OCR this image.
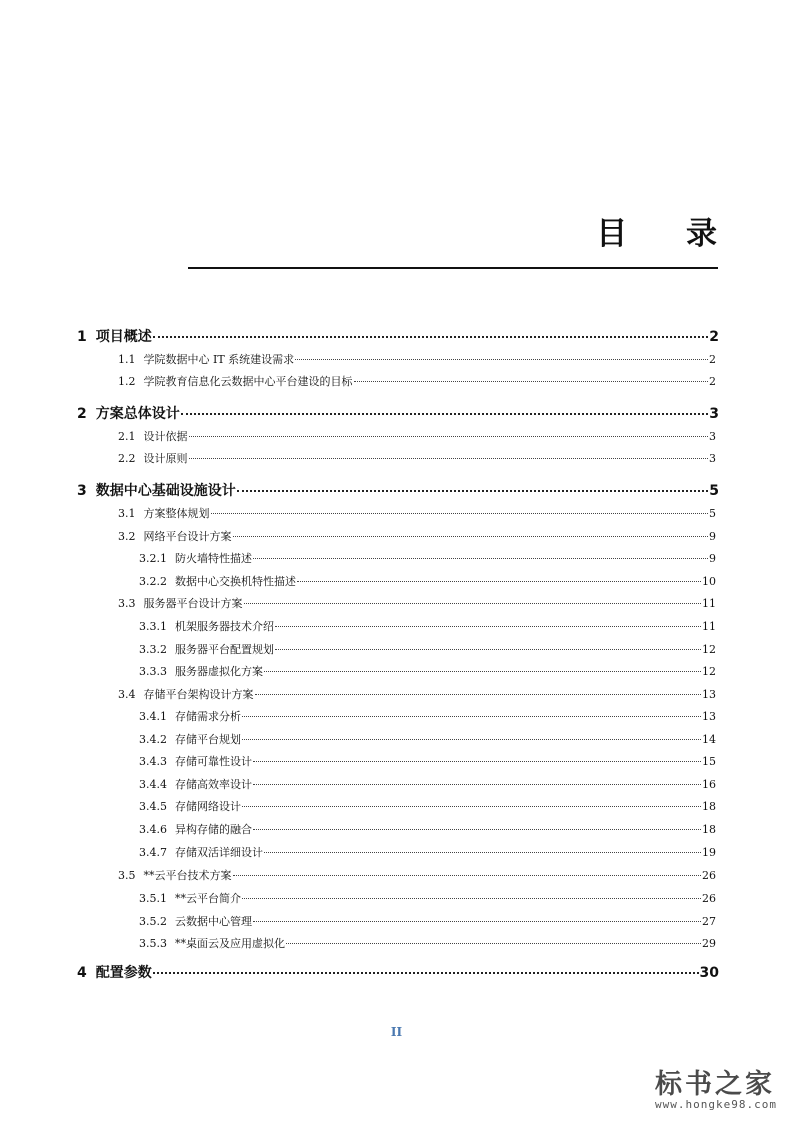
目 录
1 项目概述	2
1.1 学院数据中心 IT 系统建设需求	2
1.2 学院教育信息化云数据中心平台建设的目标	2
2 方案总体设计	3
2.1 设计依据	3
2.2 设计原则	3
3 数据中心基础设施设计	5
3.1 方案整体规划	5
3.2 网络平台设计方案	9
3.2.1 防火墙特性描述	9
3.2.2 数据中心交换机特性描述	10
3.3 服务器平台设计方案	11
3.3.1 机架服务器技术介绍	11
3.3.2 服务器平台配置规划	12
3.3.3 服务器虚拟化方案	12
3.4 存储平台架构设计方案	13
3.4.1 存储需求分析	13
3.4.2 存储平台规划	14
3.4.3 存储可靠性设计	15
3.4.4 存储高效率设计	16
3.4.5 存储网络设计	18
3.4.6 异构存储的融合	18
3.4.7 存储双活详细设计	19
3.5 **云平台技术方案	26
3.5.1 **云平台简介	26
3.5.2 云数据中心管理	27
3.5.3 **桌面云及应用虚拟化	29
4 配置参数	30
II
标书之家
www.hongke98.com
